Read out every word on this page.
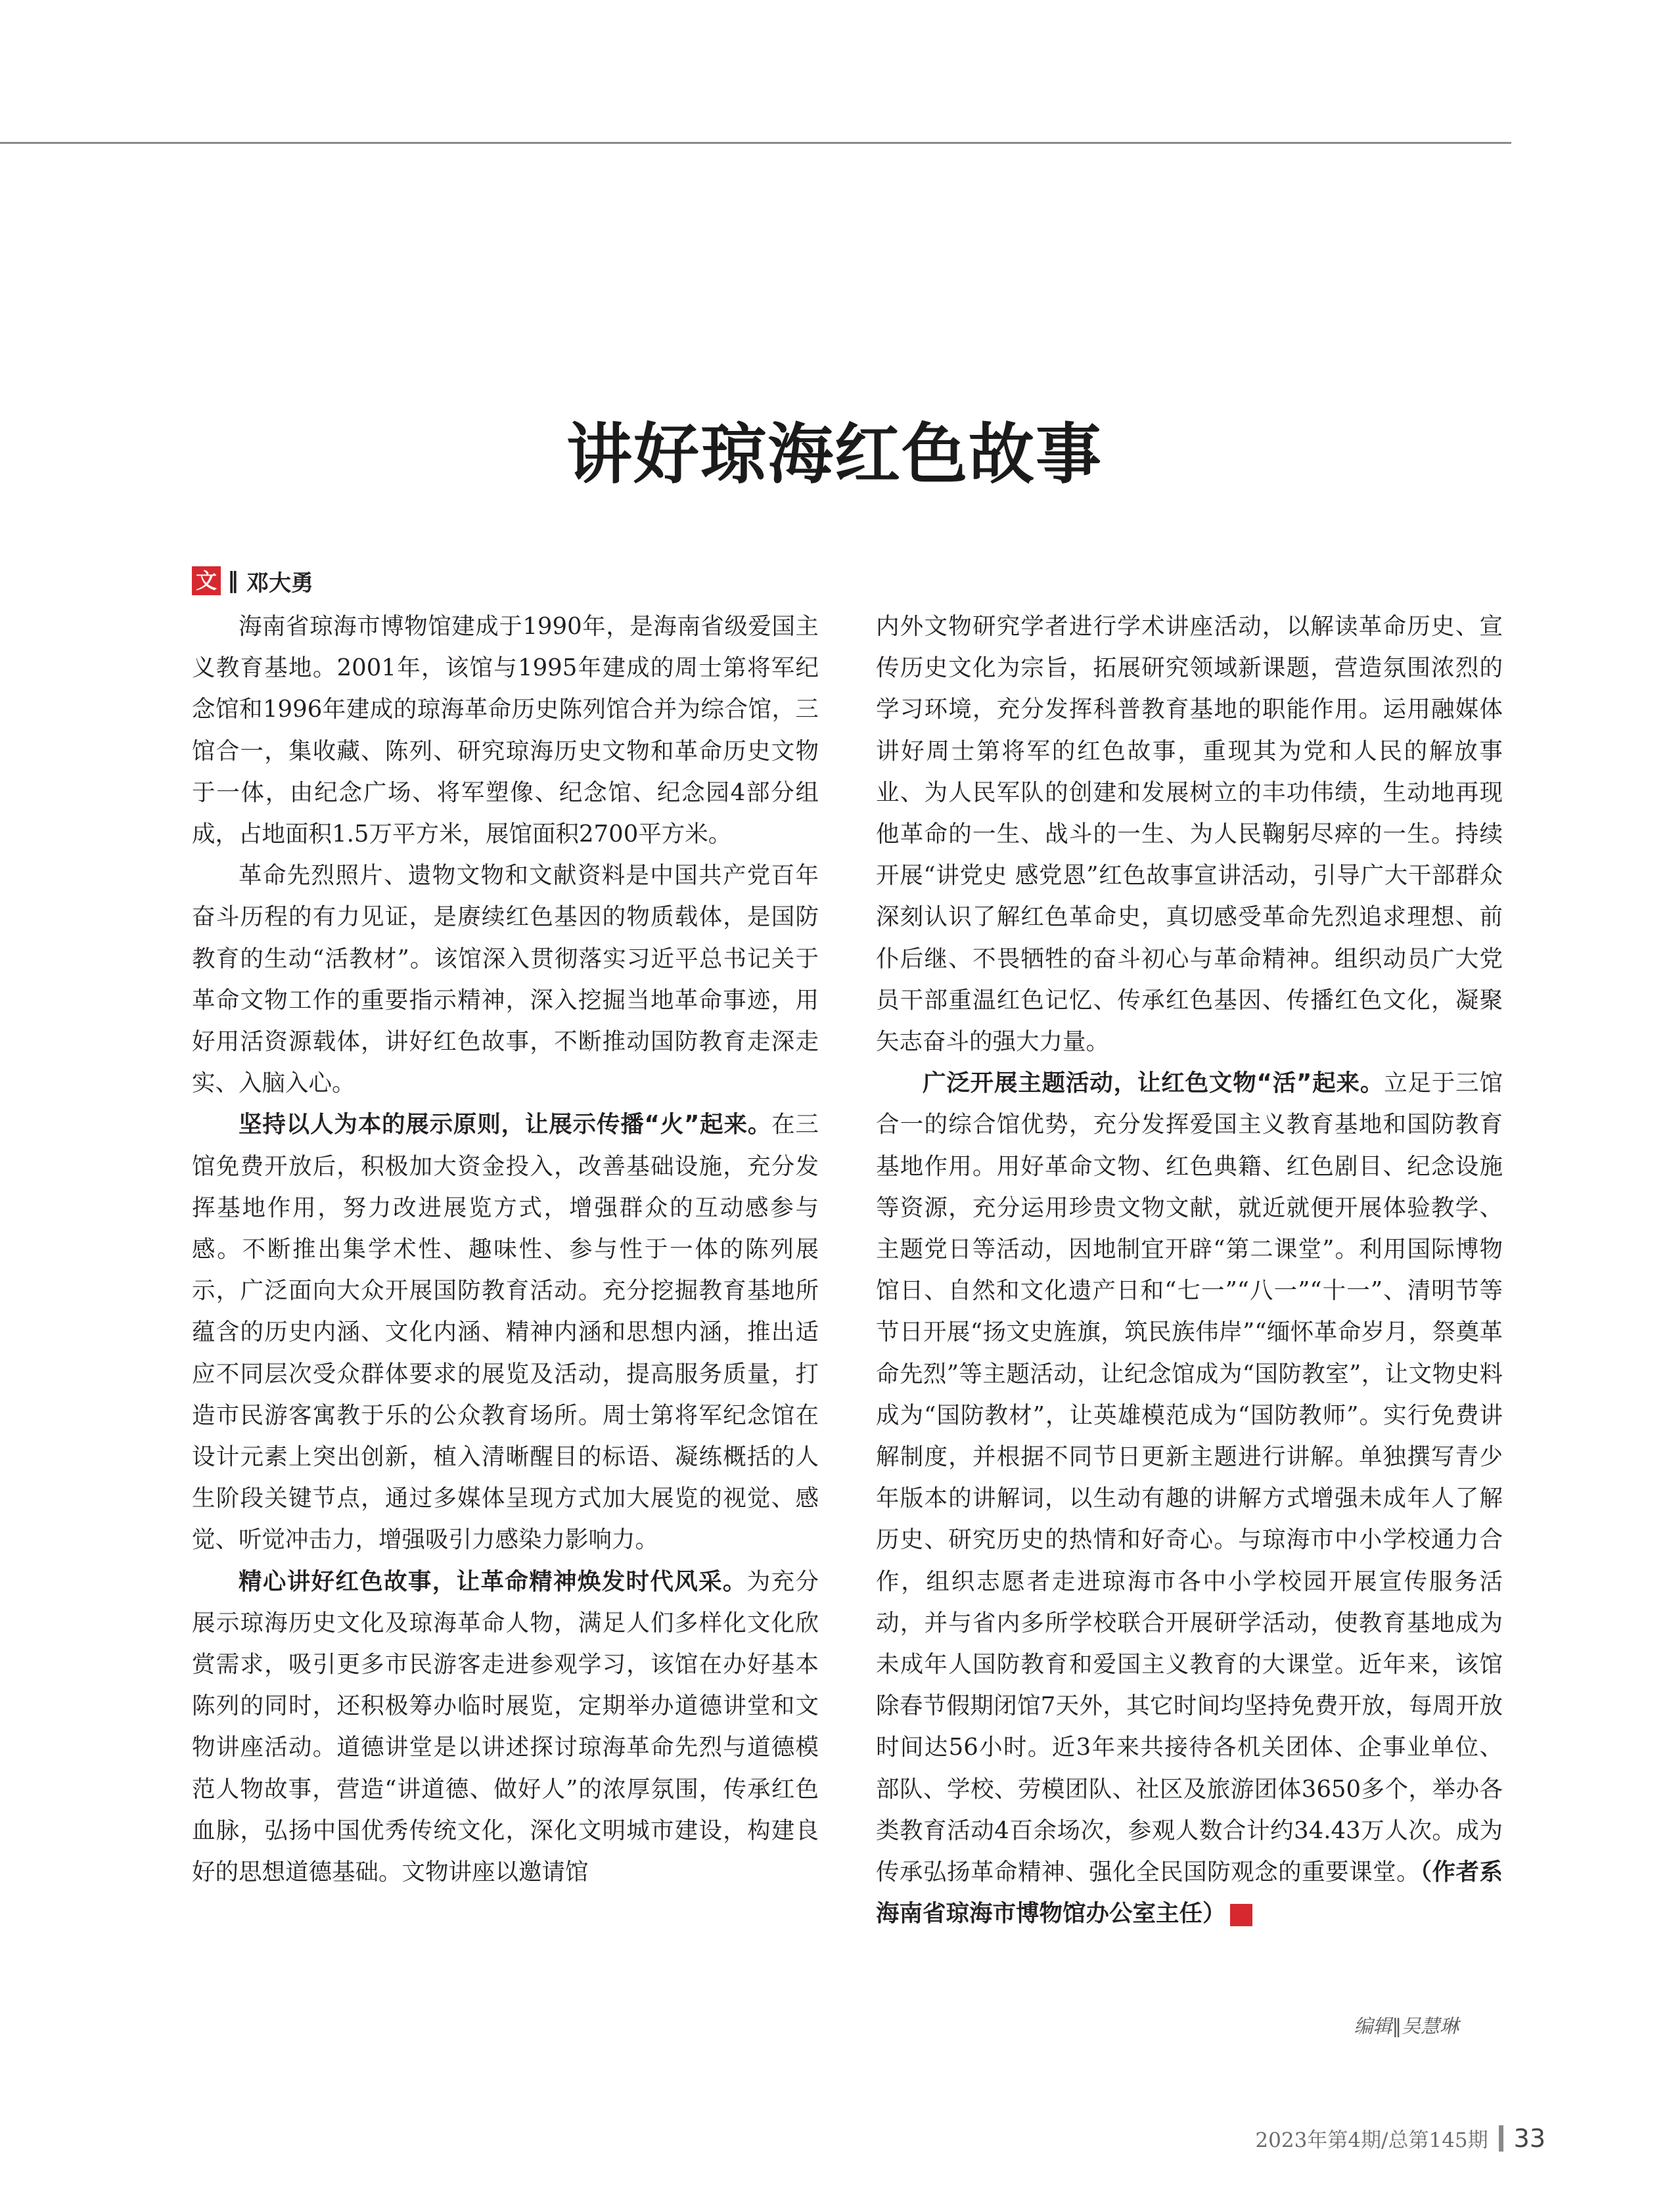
讲好琼海红色故事
文 ‖ 邓大勇

海南省琼海市博物馆建成于1990年，是海南省级爱国主义教育基地。2001年，该馆与1995年建成的周士第将军纪念馆和1996年建成的琼海革命历史陈列馆合并为综合馆，三馆合一，集收藏、陈列、研究琼海历史文物和革命历史文物于一体，由纪念广场、将军塑像、纪念馆、纪念园4部分组成，占地面积1.5万平方米，展馆面积2700平方米。

革命先烈照片、遗物文物和文献资料是中国共产党百年奋斗历程的有力见证，是赓续红色基因的物质载体，是国防教育的生动“活教材”。该馆深入贯彻落实习近平总书记关于革命文物工作的重要指示精神，深入挖掘当地革命事迹，用好用活资源载体，讲好红色故事，不断推动国防教育走深走实、入脑入心。

坚持以人为本的展示原则，让展示传播“火”起来。在三馆免费开放后，积极加大资金投入，改善基础设施，充分发挥基地作用，努力改进展览方式，增强群众的互动感参与感。不断推出集学术性、趣味性、参与性于一体的陈列展示，广泛面向大众开展国防教育活动。充分挖掘教育基地所蕴含的历史内涵、文化内涵、精神内涵和思想内涵，推出适应不同层次受众群体要求的展览及活动，提高服务质量，打造市民游客寓教于乐的公众教育场所。周士第将军纪念馆在设计元素上突出创新，植入清晰醒目的标语、凝练概括的人生阶段关键节点，通过多媒体呈现方式加大展览的视觉、感觉、听觉冲击力，增强吸引力感染力影响力。

精心讲好红色故事，让革命精神焕发时代风采。为充分展示琼海历史文化及琼海革命人物，满足人们多样化文化欣赏需求，吸引更多市民游客走进参观学习，该馆在办好基本陈列的同时，还积极筹办临时展览，定期举办道德讲堂和文物讲座活动。道德讲堂是以讲述探讨琼海革命先烈与道德模范人物故事，营造“讲道德、做好人”的浓厚氛围，传承红色血脉，弘扬中国优秀传统文化，深化文明城市建设，构建良好的思想道德基础。文物讲座以邀请馆

内外文物研究学者进行学术讲座活动，以解读革命历史、宣传历史文化为宗旨，拓展研究领域新课题，营造氛围浓烈的学习环境，充分发挥科普教育基地的职能作用。运用融媒体讲好周士第将军的红色故事，重现其为党和人民的解放事业、为人民军队的创建和发展树立的丰功伟绩，生动地再现他革命的一生、战斗的一生、为人民鞠躬尽瘁的一生。持续开展“讲党史 感党恩”红色故事宣讲活动，引导广大干部群众深刻认识了解红色革命史，真切感受革命先烈追求理想、前仆后继、不畏牺牲的奋斗初心与革命精神。组织动员广大党员干部重温红色记忆、传承红色基因、传播红色文化，凝聚矢志奋斗的强大力量。

广泛开展主题活动，让红色文物“活”起来。立足于三馆合一的综合馆优势，充分发挥爱国主义教育基地和国防教育基地作用。用好革命文物、红色典籍、红色剧目、纪念设施等资源，充分运用珍贵文物文献，就近就便开展体验教学、主题党日等活动，因地制宜开辟“第二课堂”。利用国际博物馆日、自然和文化遗产日和“七一”“八一”“十一”、清明节等节日开展“扬文史旌旗，筑民族伟岸”“缅怀革命岁月，祭奠革命先烈”等主题活动，让纪念馆成为“国防教室”，让文物史料成为“国防教材”，让英雄模范成为“国防教师”。实行免费讲解制度，并根据不同节日更新主题进行讲解。单独撰写青少年版本的讲解词，以生动有趣的讲解方式增强未成年人了解历史、研究历史的热情和好奇心。与琼海市中小学校通力合作，组织志愿者走进琼海市各中小学校园开展宣传服务活动，并与省内多所学校联合开展研学活动，使教育基地成为未成年人国防教育和爱国主义教育的大课堂。近年来，该馆除春节假期闭馆7天外，其它时间均坚持免费开放，每周开放时间达56小时。近3年来共接待各机关团体、企事业单位、部队、学校、劳模团队、社区及旅游团体3650多个，举办各类教育活动4百余场次，参观人数合计约34.43万人次。成为传承弘扬革命精神、强化全民国防观念的重要课堂。（作者系海南省琼海市博物馆办公室主任）	G

编辑‖吴慧琳
2023年第4期/总第145期 33
